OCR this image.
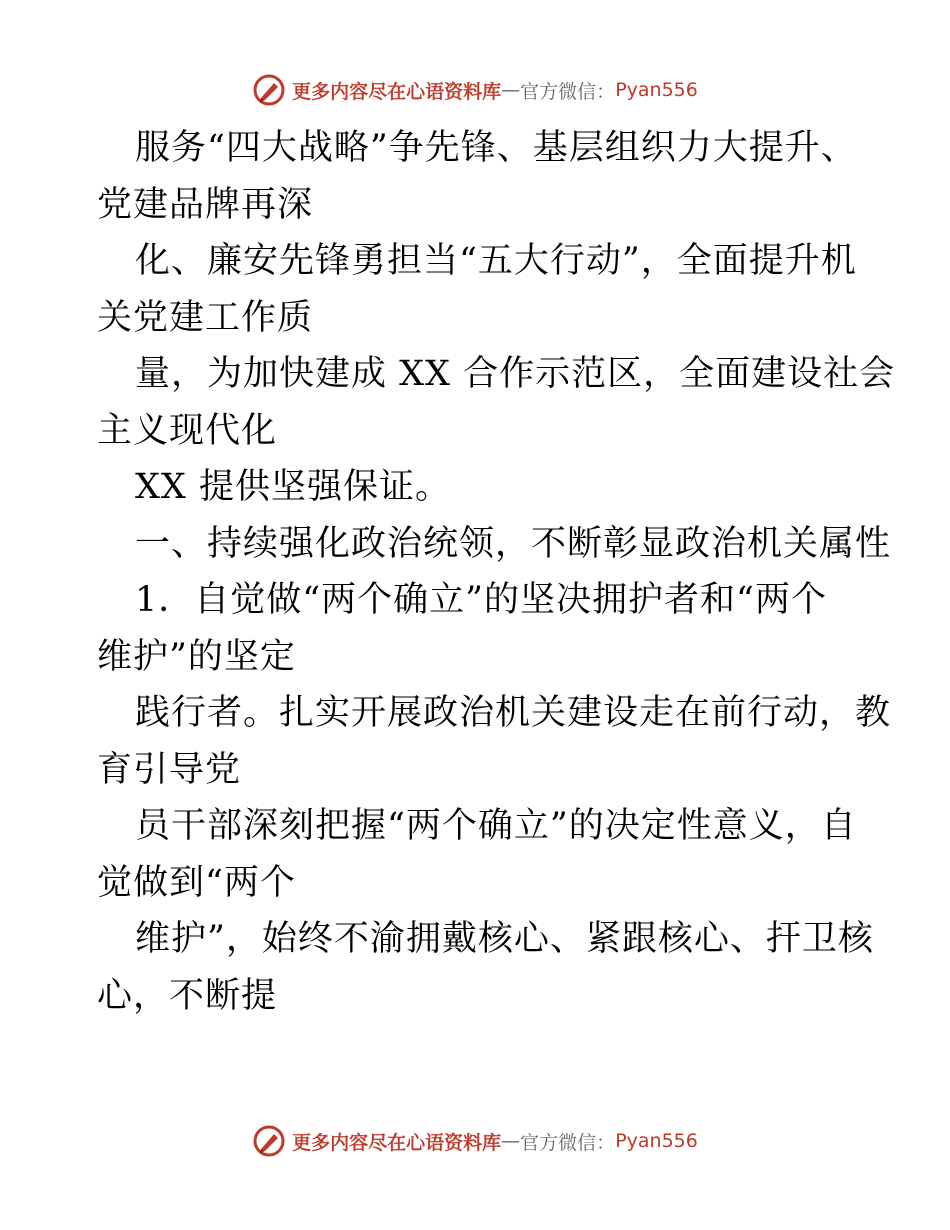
更多内容尽在心语资料库 — 官方微信： Pyan556
服务“四大战略”争先锋、基层组织力大提升、
党建品牌再深
化、廉安先锋勇担当“五大行动”，全面提升机
关党建工作质
量，为加快建成 XX 合作示范区，全面建设社会
主义现代化
XX 提供坚强保证。
一、持续强化政治统领，不断彰显政治机关属性
1．自觉做“两个确立”的坚决拥护者和“两个
维护”的坚定
践行者。扎实开展政治机关建设走在前行动，教
育引导党
员干部深刻把握“两个确立”的决定性意义，自
觉做到“两个
维护”，始终不渝拥戴核心、紧跟核心、扞卫核
心，不断提
更多内容尽在心语资料库 — 官方微信： Pyan556
